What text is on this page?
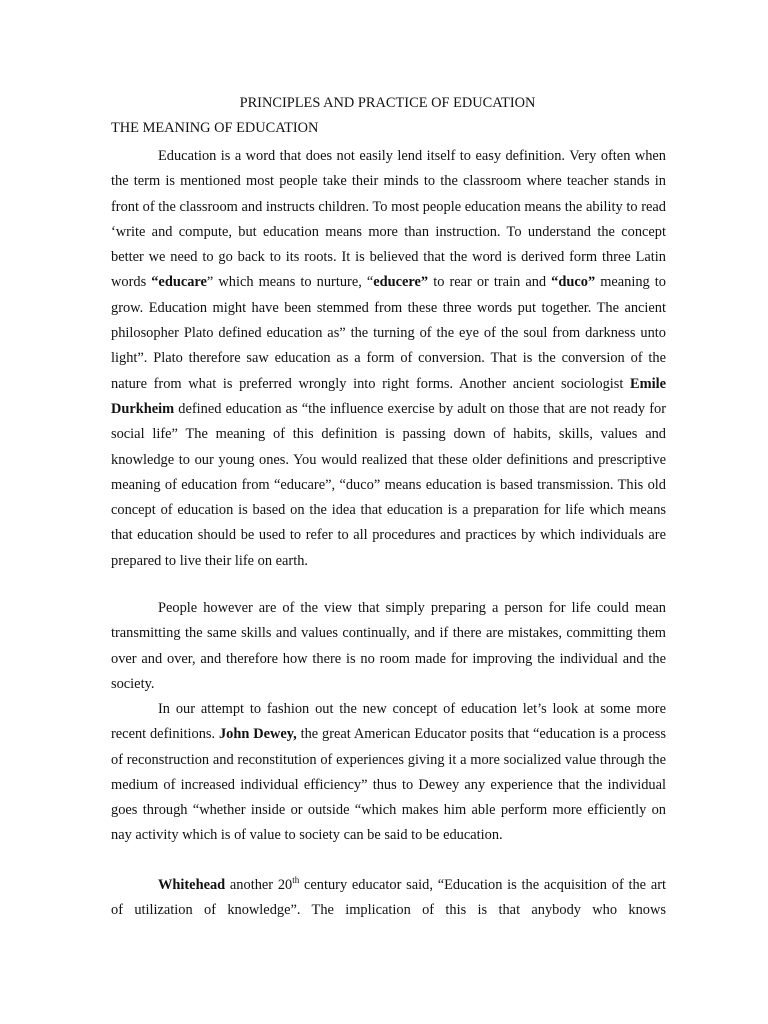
PRINCIPLES AND PRACTICE OF EDUCATION
THE MEANING OF EDUCATION

Education is a word that does not easily lend itself to easy definition. Very often when the term is mentioned most people take their minds to the classroom where teacher stands in front of the classroom and instructs children. To most people education means the ability to read ‘write and compute, but education means more than instruction. To understand the concept better we need to go back to its roots. It is believed that the word is derived form three Latin words “educare” which means to nurture, “educere” to rear or train and “duco” meaning to grow. Education might have been stemmed from these three words put together. The ancient philosopher Plato defined education as” the turning of the eye of the soul from darkness unto light”. Plato therefore saw education as a form of conversion. That is the conversion of the nature from what is preferred wrongly into right forms. Another ancient sociologist Emile Durkheim defined education as “the influence exercise by adult on those that are not ready for social life” The meaning of this definition is passing down of habits, skills, values and knowledge to our young ones. You would realized that these older definitions and prescriptive meaning of education from “educare”, “duco” means education is based transmission. This old concept of education is based on the idea that education is a preparation for life which means that education should be used to refer to all procedures and practices by which individuals are prepared to live their life on earth.

People however are of the view that simply preparing a person for life could mean transmitting the same skills and values continually, and if there are mistakes, committing them over and over, and therefore how there is no room made for improving the individual and the society.

In our attempt to fashion out the new concept of education let’s look at some more recent definitions. John Dewey, the great American Educator posits that “education is a process of reconstruction and reconstitution of experiences giving it a more socialized value through the medium of increased individual efficiency” thus to Dewey any experience that the individual goes through “whether inside or outside “which makes him able perform more efficiently on nay activity which is of value to society can be said to be education.

Whitehead another 20th century educator said, “Education is the acquisition of the art of utilization of knowledge”. The implication of this is that anybody who knows
